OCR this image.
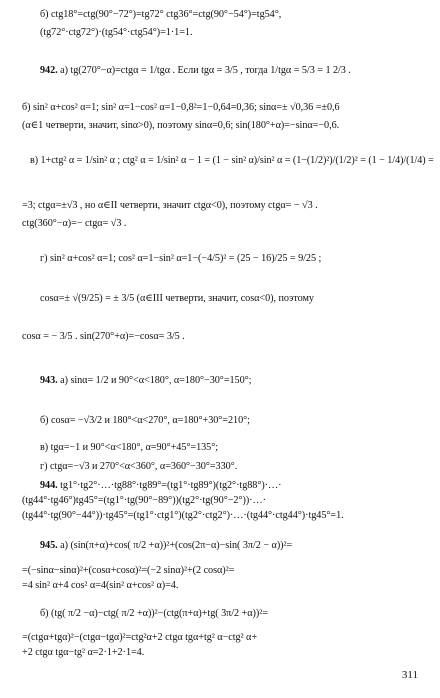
б) ctg18°=ctg(90°−72°)=tg72° ctg36°=ctg(90°−54°)=tg54°,
(tg72°·ctg72°)·(tg54°·ctg54°)=1·1=1.
942. а) tg(270°−α)=ctgα = 1/tgα . Если tgα = 3/5 , тогда 1/tgα = 5/3 = 1 2/3 .
б) sin² α+cos² α=1; sin² α=1−cos² α=1−0,8²=1−0,64=0,36; sinα=± √0,36 =±0,6
(α∈1 четверти, значит, sinα>0), поэтому sinα=0,6; sin(180°+α)=−sinα=−0,6.
в) 1+ctg² α = 1/sin² α ; ctg² α = 1/sin² α − 1 = (1 − sin² α)/sin² α = (1−(1/2)²)/(1/2)² = (1 − 1/4)/(1/4) =
=3; ctgα=±√3 , но α∈II четверти, значит ctgα<0), поэтому ctgα= − √3 .
ctg(360°−α)=− ctgα= √3 .
г) sin² α+cos² α=1; cos² α=1−sin² α=1−(−4/5)² = (25 − 16)/25 = 9/25 ;
cosα=± √(9/25) = ± 3/5 (α∈III четверти, значит, cosα<0), поэтому
cosα = − 3/5 . sin(270°+α)=−cosα= 3/5 .
943. а) sinα= 1/2 и 90°<α<180°, α=180°−30°=150°;
б) cosα= −√3/2 и 180°<α<270°, α=180°+30°=210°;
в) tgα=−1 и 90°<α<180°, α=90°+45°=135°;
г) ctgα=−√3 и 270°<α<360°, α=360°−30°=330°.
944. tg1°·tg2°·…·tg88°·tg89°=(tg1°·tg89°)(tg2°·tg88°)·…·
(tg44°·tg46°)tg45°=(tg1°·tg(90°−89°))(tg2°·tg(90°−2°))·…·
(tg44°·tg(90°−44°))·tg45°=(tg1°·ctg1°)(tg2°·ctg2°)·…·(tg44°·ctg44°)·tg45°=1.
945. а) (sin(π+α)+cos( π/2 +α))²+(cos(2π−α)−sin( 3π/2 − α))²=
=(−sinα−sinα)²+(cosα+cosα)²=(−2 sinα)²+(2 cosα)²=
=4 sin² α+4 cos² α=4(sin² α+cos² α)=4.
б) (tg( π/2 −α)−ctg( π/2 +α))²−(ctg(π+α)+tg( 3π/2 +α))²=
=(ctgα+tgα)²−(ctgα−tgα)²=ctg²α+2 ctgα tgα+tg² α−ctg² α+
+2 ctgα tgα−tg² α=2·1+2·1=4.
311
